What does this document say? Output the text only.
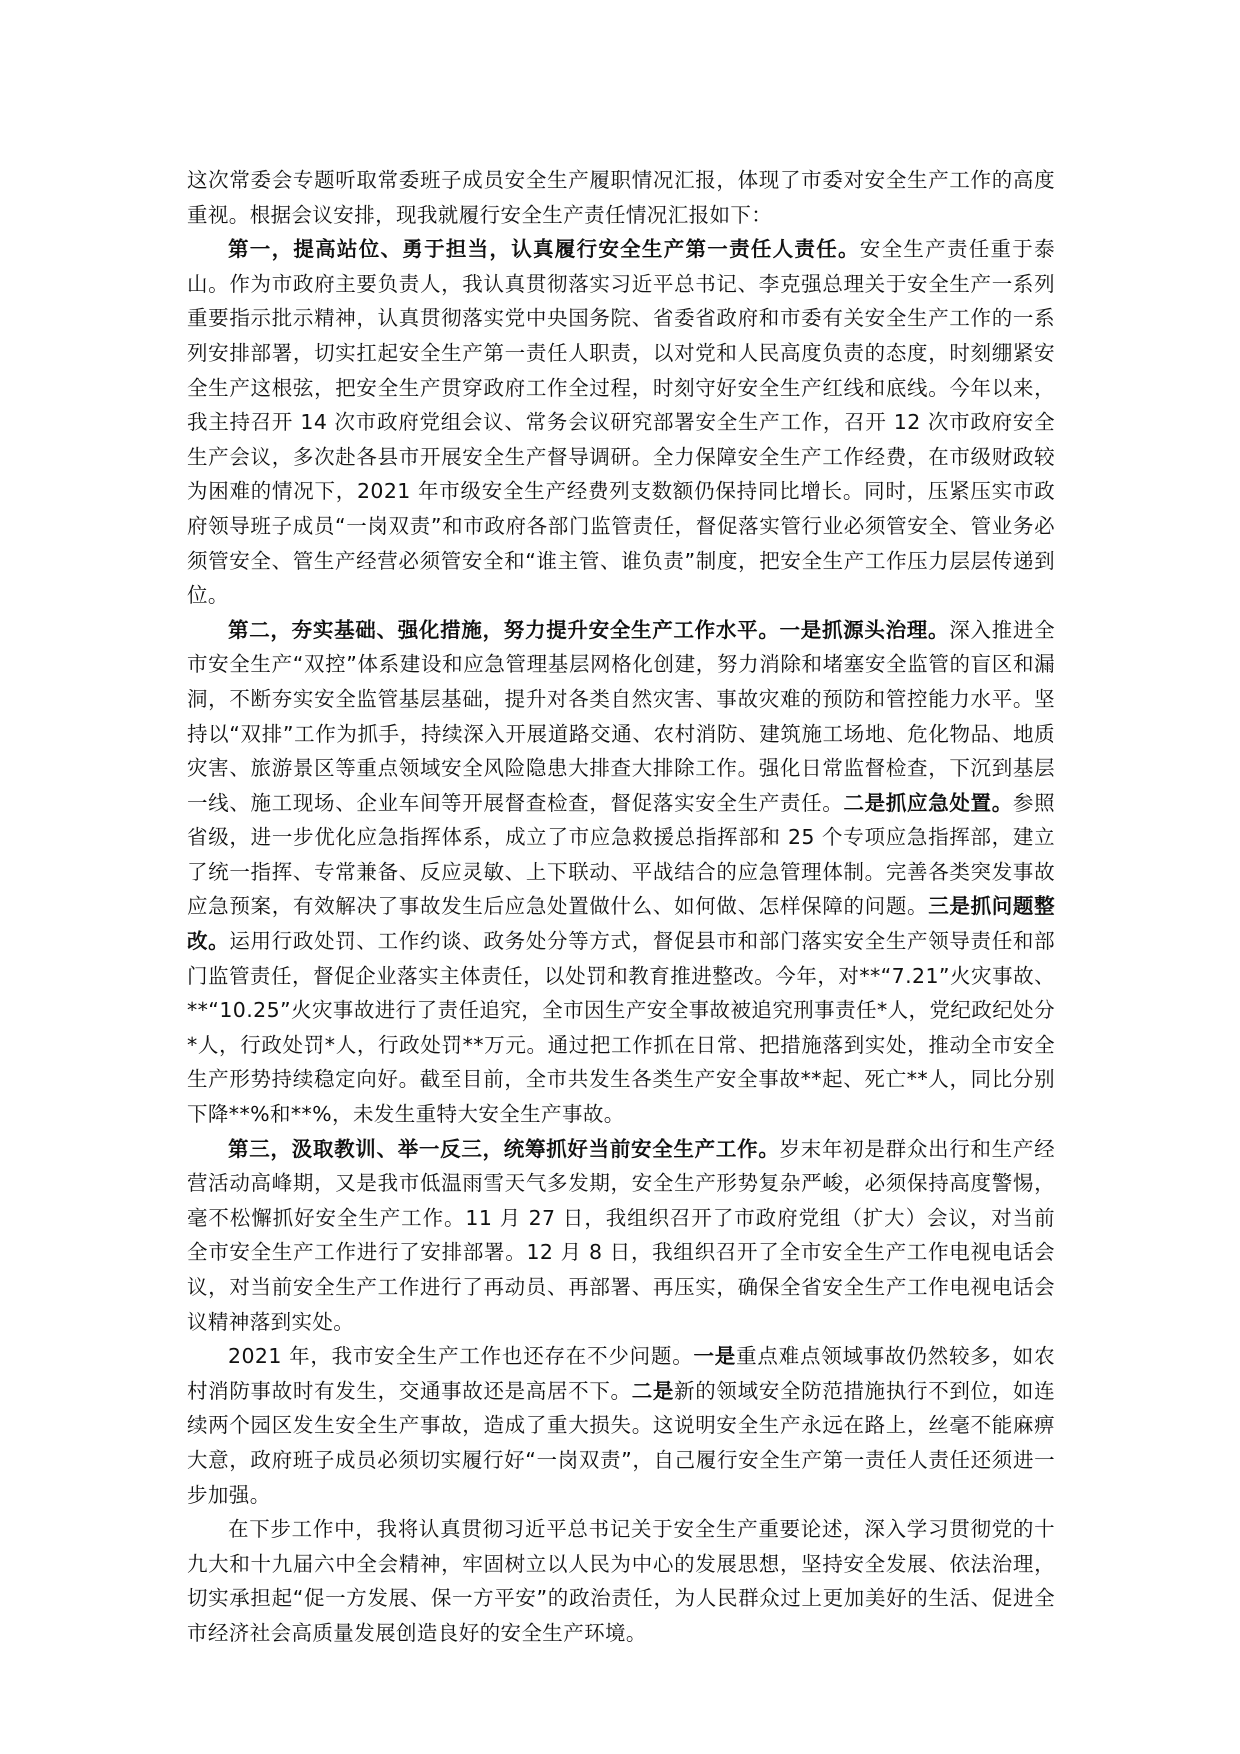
这次常委会专题听取常委班子成员安全生产履职情况汇报，体现了市委对安全生产工作的高度重视。根据会议安排，现我就履行安全生产责任情况汇报如下：

第一，提高站位、勇于担当，认真履行安全生产第一责任人责任。安全生产责任重于泰山。作为市政府主要负责人，我认真贯彻落实习近平总书记、李克强总理关于安全生产一系列重要指示批示精神，认真贯彻落实党中央国务院、省委省政府和市委有关安全生产工作的一系列安排部署，切实扛起安全生产第一责任人职责，以对党和人民高度负责的态度，时刻绷紧安全生产这根弦，把安全生产贯穿政府工作全过程，时刻守好安全生产红线和底线。今年以来，我主持召开 14 次市政府党组会议、常务会议研究部署安全生产工作，召开 12 次市政府安全生产会议，多次赴各县市开展安全生产督导调研。全力保障安全生产工作经费，在市级财政较为困难的情况下，2021 年市级安全生产经费列支数额仍保持同比增长。同时，压紧压实市政府领导班子成员“一岗双责”和市政府各部门监管责任，督促落实管行业必须管安全、管业务必须管安全、管生产经营必须管安全和“谁主管、谁负责”制度，把安全生产工作压力层层传递到位。

第二，夯实基础、强化措施，努力提升安全生产工作水平。一是抓源头治理。深入推进全市安全生产“双控”体系建设和应急管理基层网格化创建，努力消除和堵塞安全监管的盲区和漏洞，不断夯实安全监管基层基础，提升对各类自然灾害、事故灾难的预防和管控能力水平。坚持以“双排”工作为抓手，持续深入开展道路交通、农村消防、建筑施工场地、危化物品、地质灾害、旅游景区等重点领域安全风险隐患大排查大排除工作。强化日常监督检查，下沉到基层一线、施工现场、企业车间等开展督查检查，督促落实安全生产责任。二是抓应急处置。参照省级，进一步优化应急指挥体系，成立了市应急救援总指挥部和 25 个专项应急指挥部，建立了统一指挥、专常兼备、反应灵敏、上下联动、平战结合的应急管理体制。完善各类突发事故应急预案，有效解决了事故发生后应急处置做什么、如何做、怎样保障的问题。三是抓问题整改。运用行政处罚、工作约谈、政务处分等方式，督促县市和部门落实安全生产领导责任和部门监管责任，督促企业落实主体责任，以处罚和教育推进整改。今年，对**“7.21”火灾事故、**“10.25”火灾事故进行了责任追究，全市因生产安全事故被追究刑事责任*人，党纪政纪处分*人，行政处罚*人，行政处罚**万元。通过把工作抓在日常、把措施落到实处，推动全市安全生产形势持续稳定向好。截至目前，全市共发生各类生产安全事故**起、死亡**人，同比分别下降**%和**%，未发生重特大安全生产事故。

第三，汲取教训、举一反三，统筹抓好当前安全生产工作。岁末年初是群众出行和生产经营活动高峰期，又是我市低温雨雪天气多发期，安全生产形势复杂严峻，必须保持高度警惕，毫不松懈抓好安全生产工作。11 月 27 日，我组织召开了市政府党组（扩大）会议，对当前全市安全生产工作进行了安排部署。12 月 8 日，我组织召开了全市安全生产工作电视电话会议，对当前安全生产工作进行了再动员、再部署、再压实，确保全省安全生产工作电视电话会议精神落到实处。

2021 年，我市安全生产工作也还存在不少问题。一是重点难点领域事故仍然较多，如农村消防事故时有发生，交通事故还是高居不下。二是新的领域安全防范措施执行不到位，如连续两个园区发生安全生产事故，造成了重大损失。这说明安全生产永远在路上，丝毫不能麻痹大意，政府班子成员必须切实履行好“一岗双责”，自己履行安全生产第一责任人责任还须进一步加强。

在下步工作中，我将认真贯彻习近平总书记关于安全生产重要论述，深入学习贯彻党的十九大和十九届六中全会精神，牢固树立以人民为中心的发展思想，坚持安全发展、依法治理，切实承担起“促一方发展、保一方平安”的政治责任，为人民群众过上更加美好的生活、促进全市经济社会高质量发展创造良好的安全生产环境。
